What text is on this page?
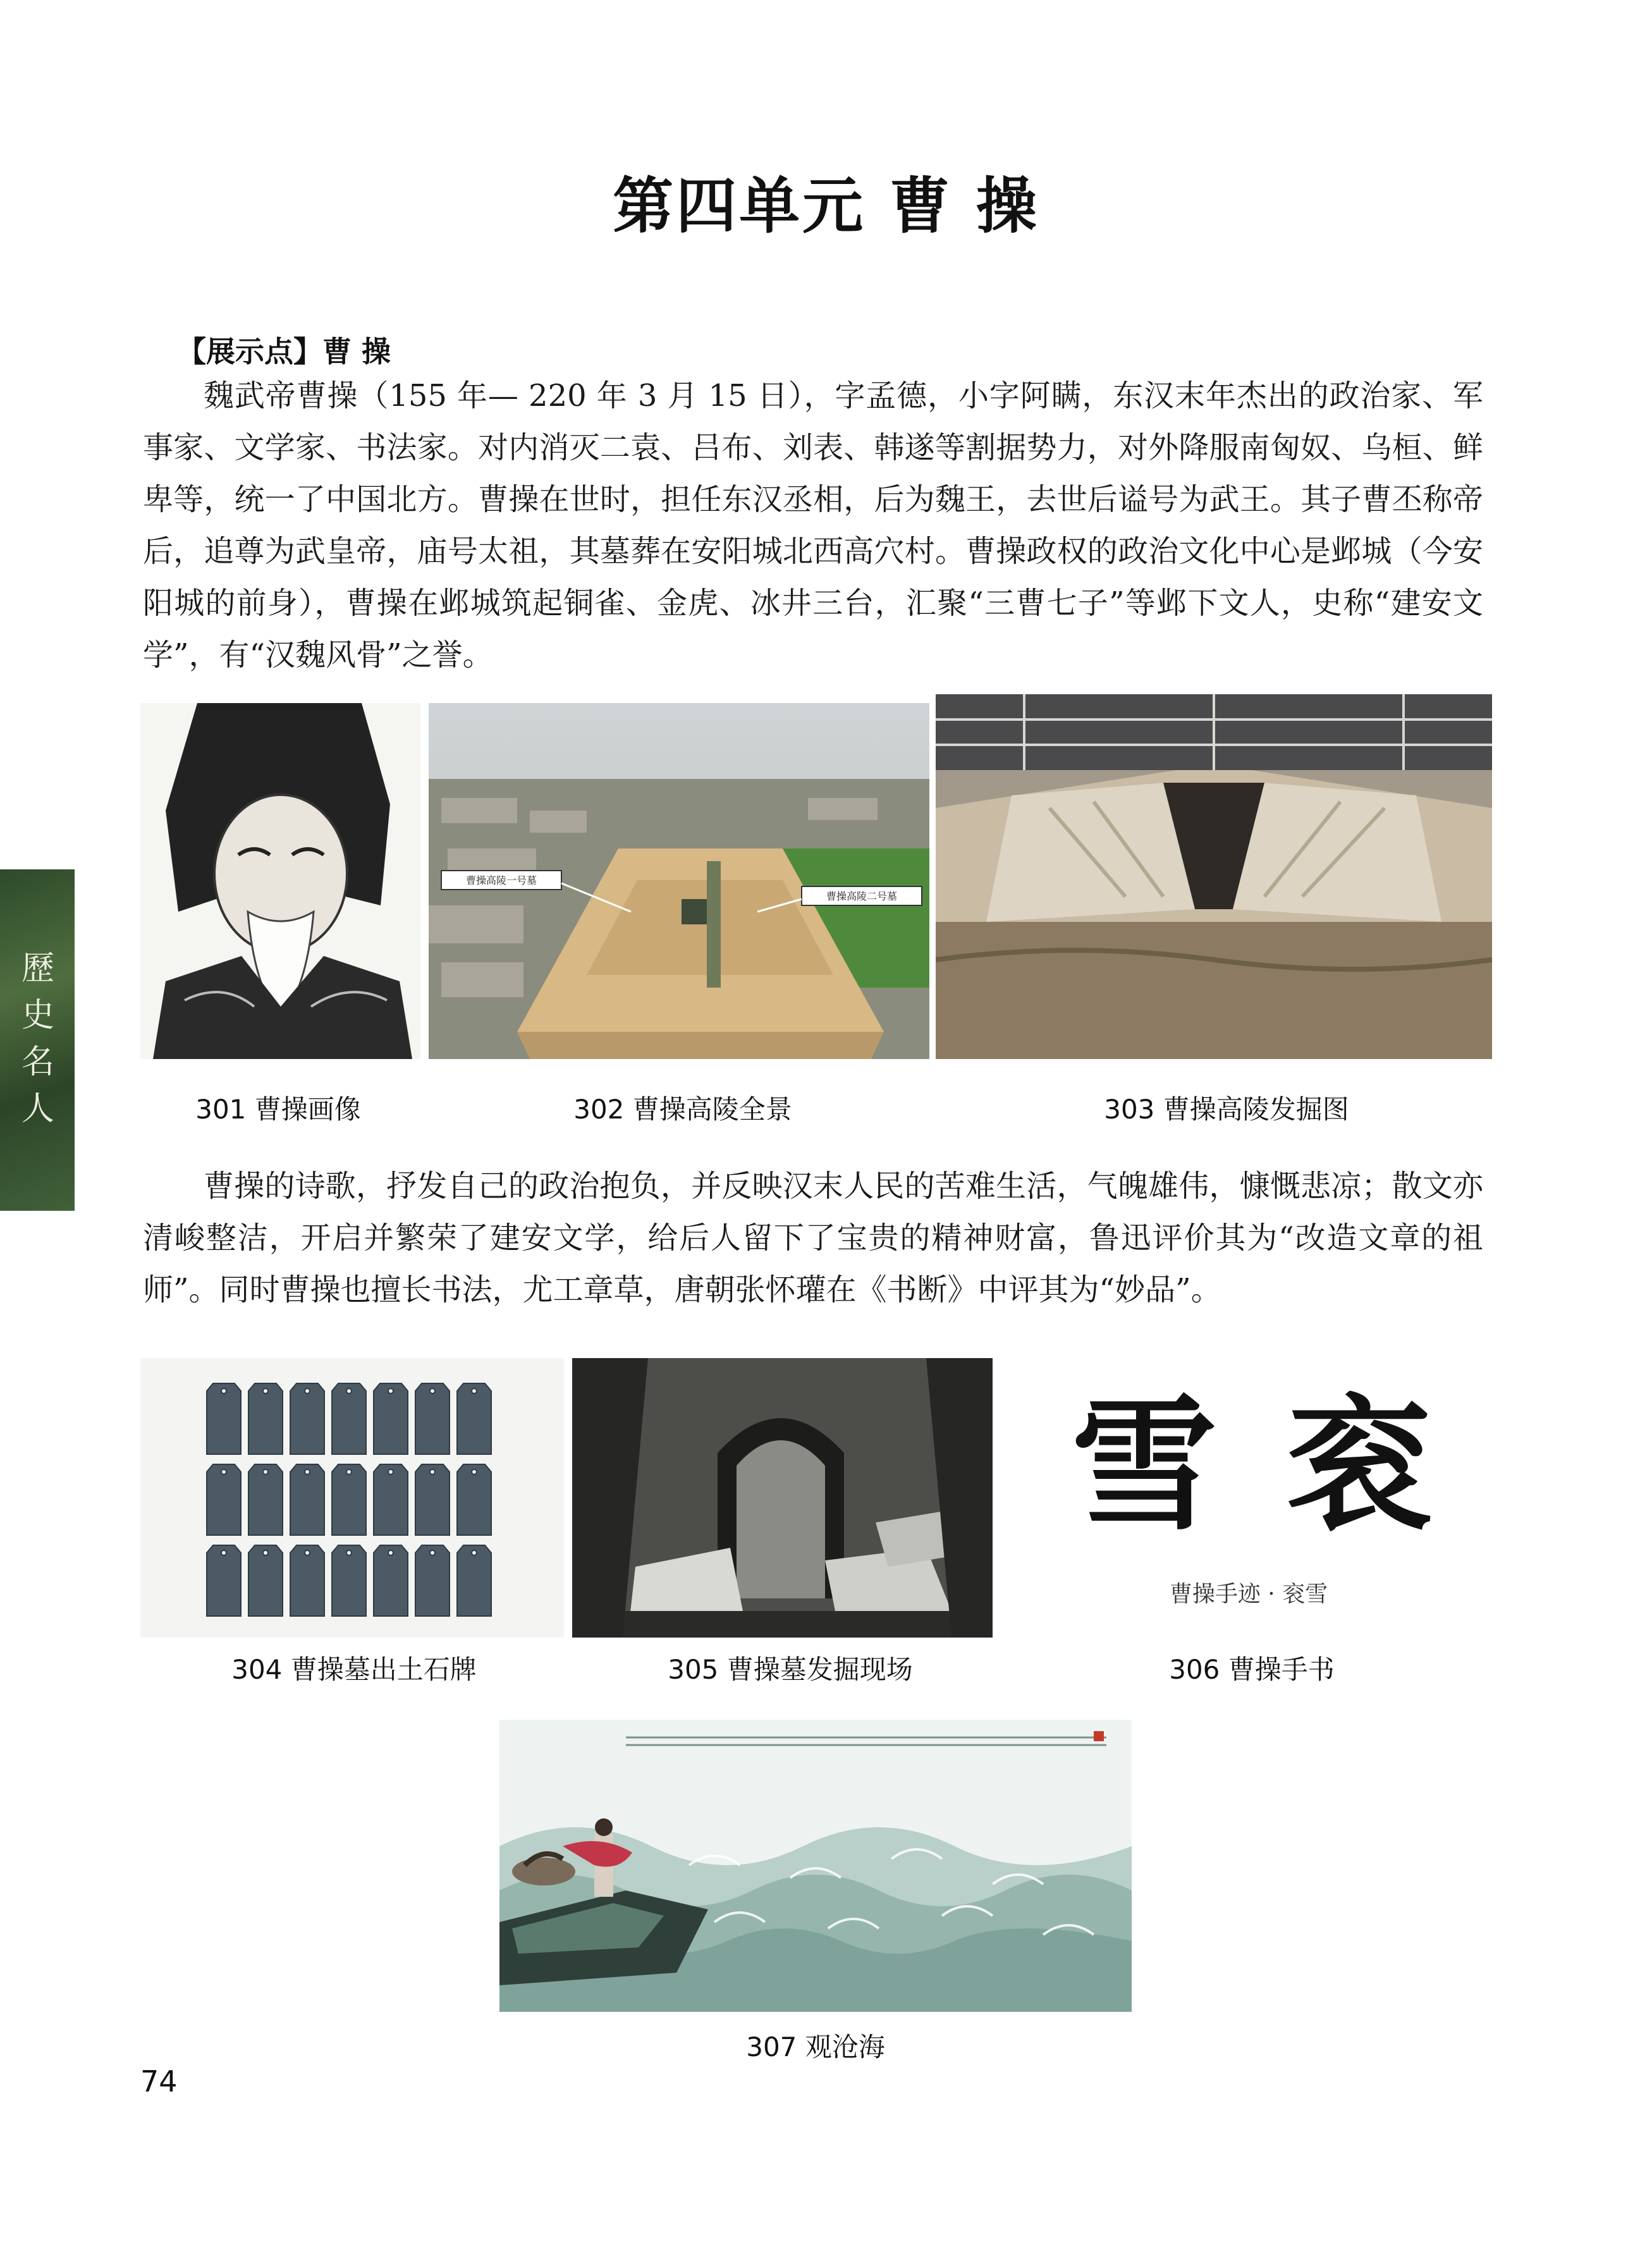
第四单元 曹 操
【展示点】曹 操

魏武帝曹操（155 年— 220 年 3 月 15 日），字孟德，小字阿瞒，东汉末年杰出的政治家、军事家、文学家、书法家。对内消灭二袁、吕布、刘表、韩遂等割据势力，对外降服南匈奴、乌桓、鲜卑等，统一了中国北方。曹操在世时，担任东汉丞相，后为魏王，去世后谥号为武王。其子曹丕称帝后，追尊为武皇帝，庙号太祖，其墓葬在安阳城北西高穴村。曹操政权的政治文化中心是邺城（今安阳城的前身），曹操在邺城筑起铜雀、金虎、冰井三台，汇聚“三曹七子”等邺下文人，史称“建安文学”，有“汉魏风骨”之誉。

歷史名人
曹操高陵一号墓
曹操高陵二号墓
301 曹操画像	302 曹操高陵全景	303 曹操高陵发掘图

曹操的诗歌，抒发自己的政治抱负，并反映汉末人民的苦难生活，气魄雄伟，慷慨悲凉；散文亦清峻整洁，开启并繁荣了建安文学，给后人留下了宝贵的精神财富，鲁迅评价其为“改造文章的祖师”。同时曹操也擅长书法，尤工章草，唐朝张怀瓘在《书断》中评其为“妙品”。

雪 衮
曹操手迹 · 衮雪
304 曹操墓出土石牌	305 曹操墓发掘现场	306 曹操手书
307 观沧海
74
